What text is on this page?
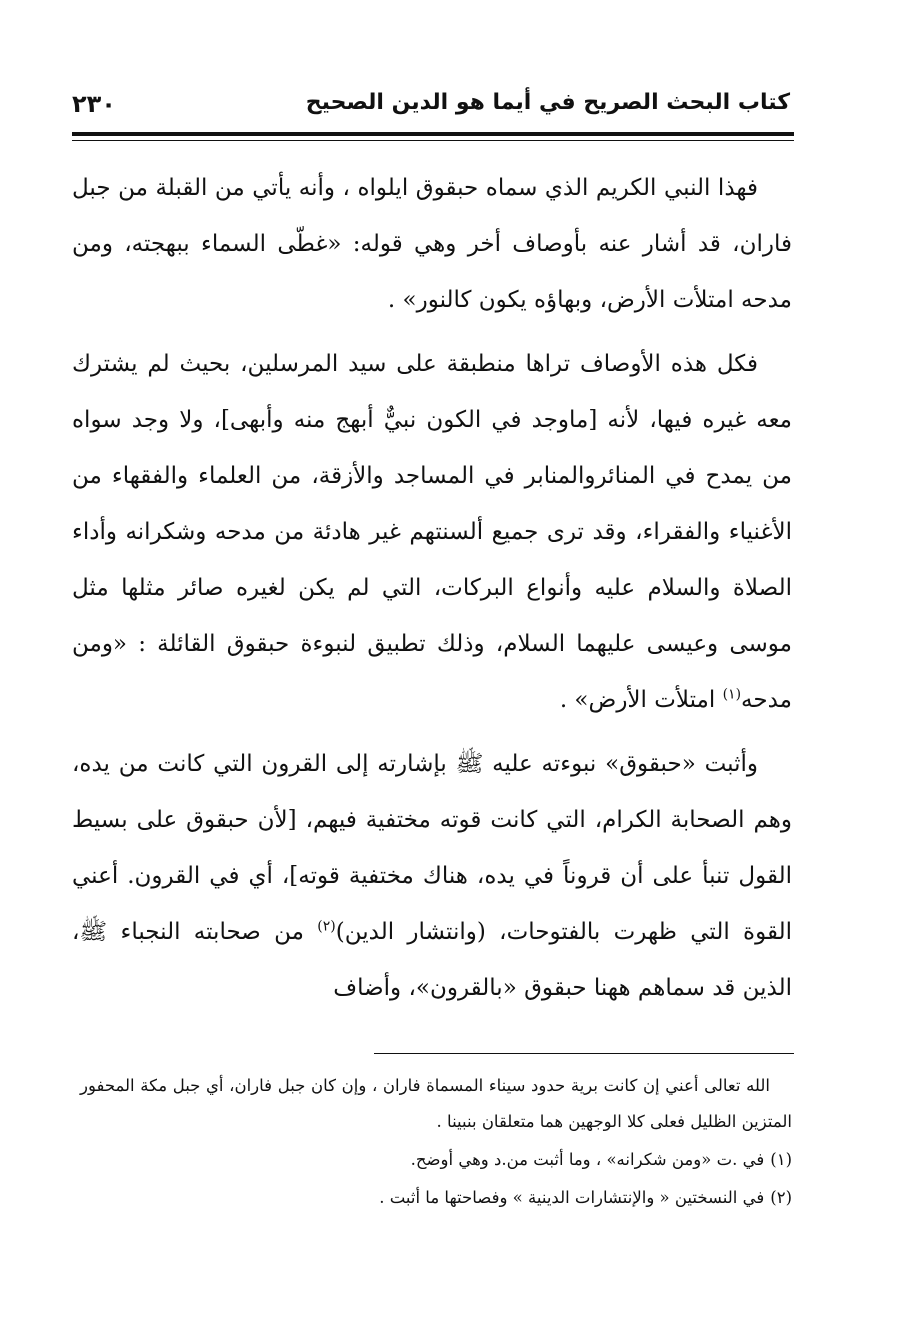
كتاب البحث الصريح في أيما هو الدين الصحيح
٢٣٠

فهذا النبي الكريم الذي سماه حبقوق ايلواه ، وأنه يأتي من القبلة من جبل فاران، قد أشار عنه بأوصاف أخر وهي قوله: «غطّى السماء ببهجته، ومن مدحه امتلأت الأرض، وبهاؤه يكون كالنور» .

فكل هذه الأوصاف تراها منطبقة على سيد المرسلين، بحيث لم يشترك معه غيره فيها، لأنه [ماوجد في الكون نبيٌّ أبهج منه وأبهى]، ولا وجد سواه من يمدح في المنائروالمنابر في المساجد والأزقة، من العلماء والفقهاء من الأغنياء والفقراء، وقد ترى جميع ألسنتهم غير هادئة من مدحه وشكرانه وأداء الصلاة والسلام عليه وأنواع البركات، التي لم يكن لغيره صائر مثلها مثل موسى وعيسى عليهما السلام، وذلك تطبيق لنبوءة حبقوق القائلة : «ومن مدحه$^{(١)}$ امتلأت الأرض» .

وأثبت «حبقوق» نبوءته عليه ﷺ بإشارته إلى القرون التي كانت من يده، وهم الصحابة الكرام، التي كانت قوته مختفية فيهم، [لأن حبقوق على بسيط القول تنبأ على أن قروناً في يده، هناك مختفية قوته]، أي في القرون. أعني القوة التي ظهرت بالفتوحات، (وانتشار الدين)$^{(٢)}$ من صحابته النجباء ﷺ، الذين قد سماهم ههنا حبقوق «بالقرون»، وأضاف

الله تعالى أعني إن كانت برية حدود سيناء المسماة فاران ، وإن كان جبل فاران، أي جبل مكة المحفور المتزين الظليل فعلى كلا الوجهين هما متعلقان بنبينا .

(١)في .ت «ومن شكرانه» ، وما أثبت من.د وهي أوضح.

(٢)في النسختين « والإنتشارات الدينية » وفصاحتها ما أثبت .
